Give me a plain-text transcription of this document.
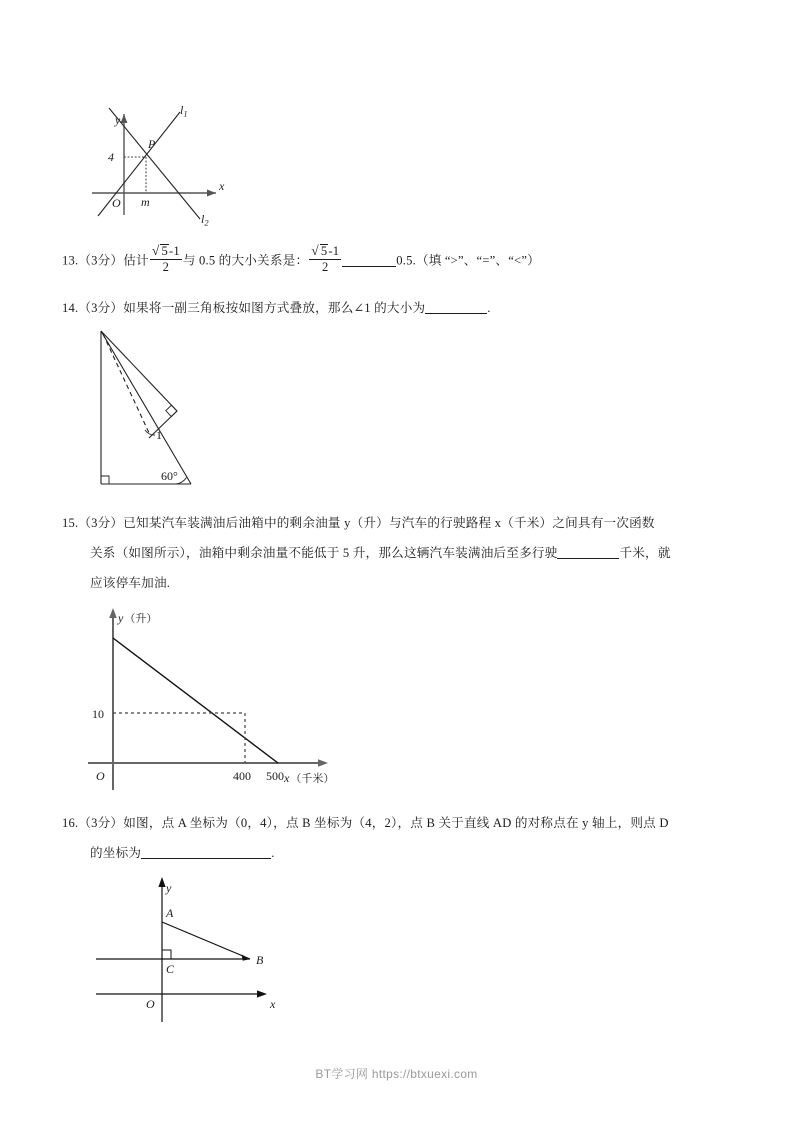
y
x
O
4
m
P
$l_1$
$l_2$
13.（3分）估计 $\frac{√ 5-1}{2}$ 与 0.5 的大小关系是： $\frac{√ 5-1}{2}$	0.5.（填 “>”、“=”、“<”）
14.（3分）如果将一副三角板按如图方式叠放，那么∠1 的大小为	.
1
60°
15.（3分）已知某汽车装满油后油箱中的剩余油量 y（升）与汽车的行驶路程 x（千米）之间具有一次函数
关系（如图所示），油箱中剩余油量不能低于 5 升，那么这辆汽车装满油后至多行驶	千米，就
应该停车加油.
y（升）
x（千米）
O
10
400 500
16.（3分）如图，点 A 坐标为（0，4），点 B 坐标为（4，2），点 B 关于直线 AD 的对称点在 y 轴上，则点 D
的坐标为	.
y
x
O
A
B
C
BT学习网 https://btxuexi.com
